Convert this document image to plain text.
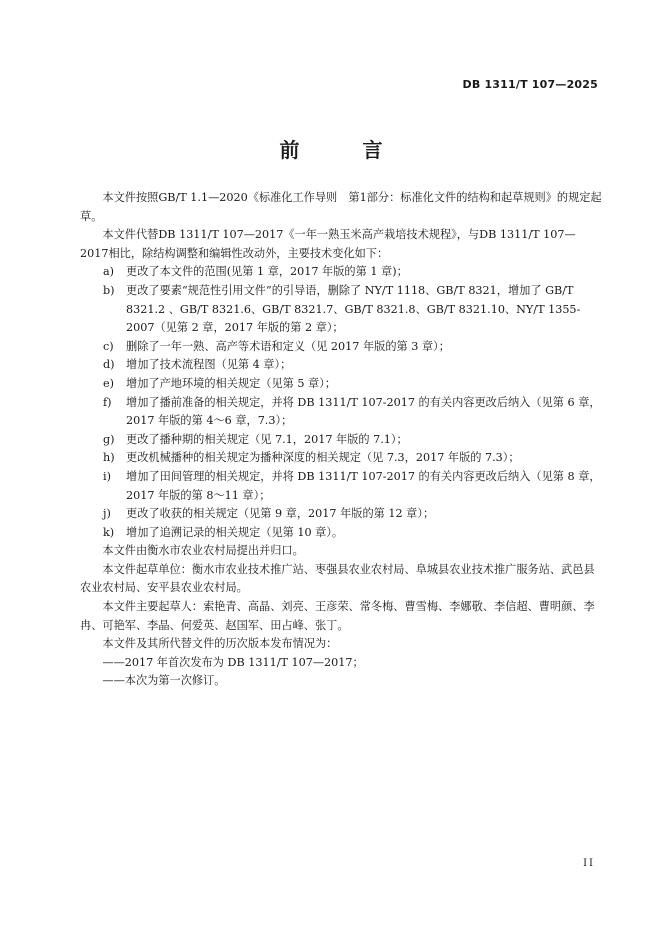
DB 1311/T 107—2025
前 言

本文件按照GB/T 1.1—2020《标准化工作导则　第1部分：标准化文件的结构和起草规则》的规定起草。

本文件代替DB 1311/T 107—2017《一年一熟玉米高产栽培技术规程》，与DB 1311/T 107—2017相比，除结构调整和编辑性改动外，主要技术变化如下：

a)	更改了本文件的范围(见第 1 章，2017 年版的第 1 章)；
b)	更改了要素“规范性引用文件”的引导语，删除了 NY/T 1118、GB/T 8321，增加了 GB/T 8321.2 、GB/T 8321.6、GB/T 8321.7、GB/T 8321.8、GB/T 8321.10、NY/T 1355-2007（见第 2 章，2017 年版的第 2 章）；
c)	删除了一年一熟、高产等术语和定义（见 2017 年版的第 3 章）；
d)	增加了技术流程图（见第 4 章）；
e)	增加了产地环境的相关规定（见第 5 章）；
f)	增加了播前准备的相关规定，并将 DB 1311/T 107-2017 的有关内容更改后纳入（见第 6 章，2017 年版的第 4～6 章，7.3）；
g)	更改了播种期的相关规定（见 7.1，2017 年版的 7.1）；
h)	更改机械播种的相关规定为播种深度的相关规定（见 7.3，2017 年版的 7.3）；
i)	增加了田间管理的相关规定，并将 DB 1311/T 107-2017 的有关内容更改后纳入（见第 8 章，2017 年版的第 8～11 章）；
j)	更改了收获的相关规定（见第 9 章，2017 年版的第 12 章）；
k)	增加了追溯记录的相关规定（见第 10 章）。

本文件由衡水市农业农村局提出并归口。

本文件起草单位：衡水市农业技术推广站、枣强县农业农村局、阜城县农业技术推广服务站、武邑县农业农村局、安平县农业农村局。

本文件主要起草人：索艳青、高晶、刘亮、王彦荣、常冬梅、曹雪梅、李娜敬、李信超、曹明颜、李冉、可艳军、李晶、何爱英、赵国军、田占峰、张丁。

本文件及其所代替文件的历次版本发布情况为：

——2017 年首次发布为 DB 1311/T 107—2017；

——本次为第一次修订。

II
